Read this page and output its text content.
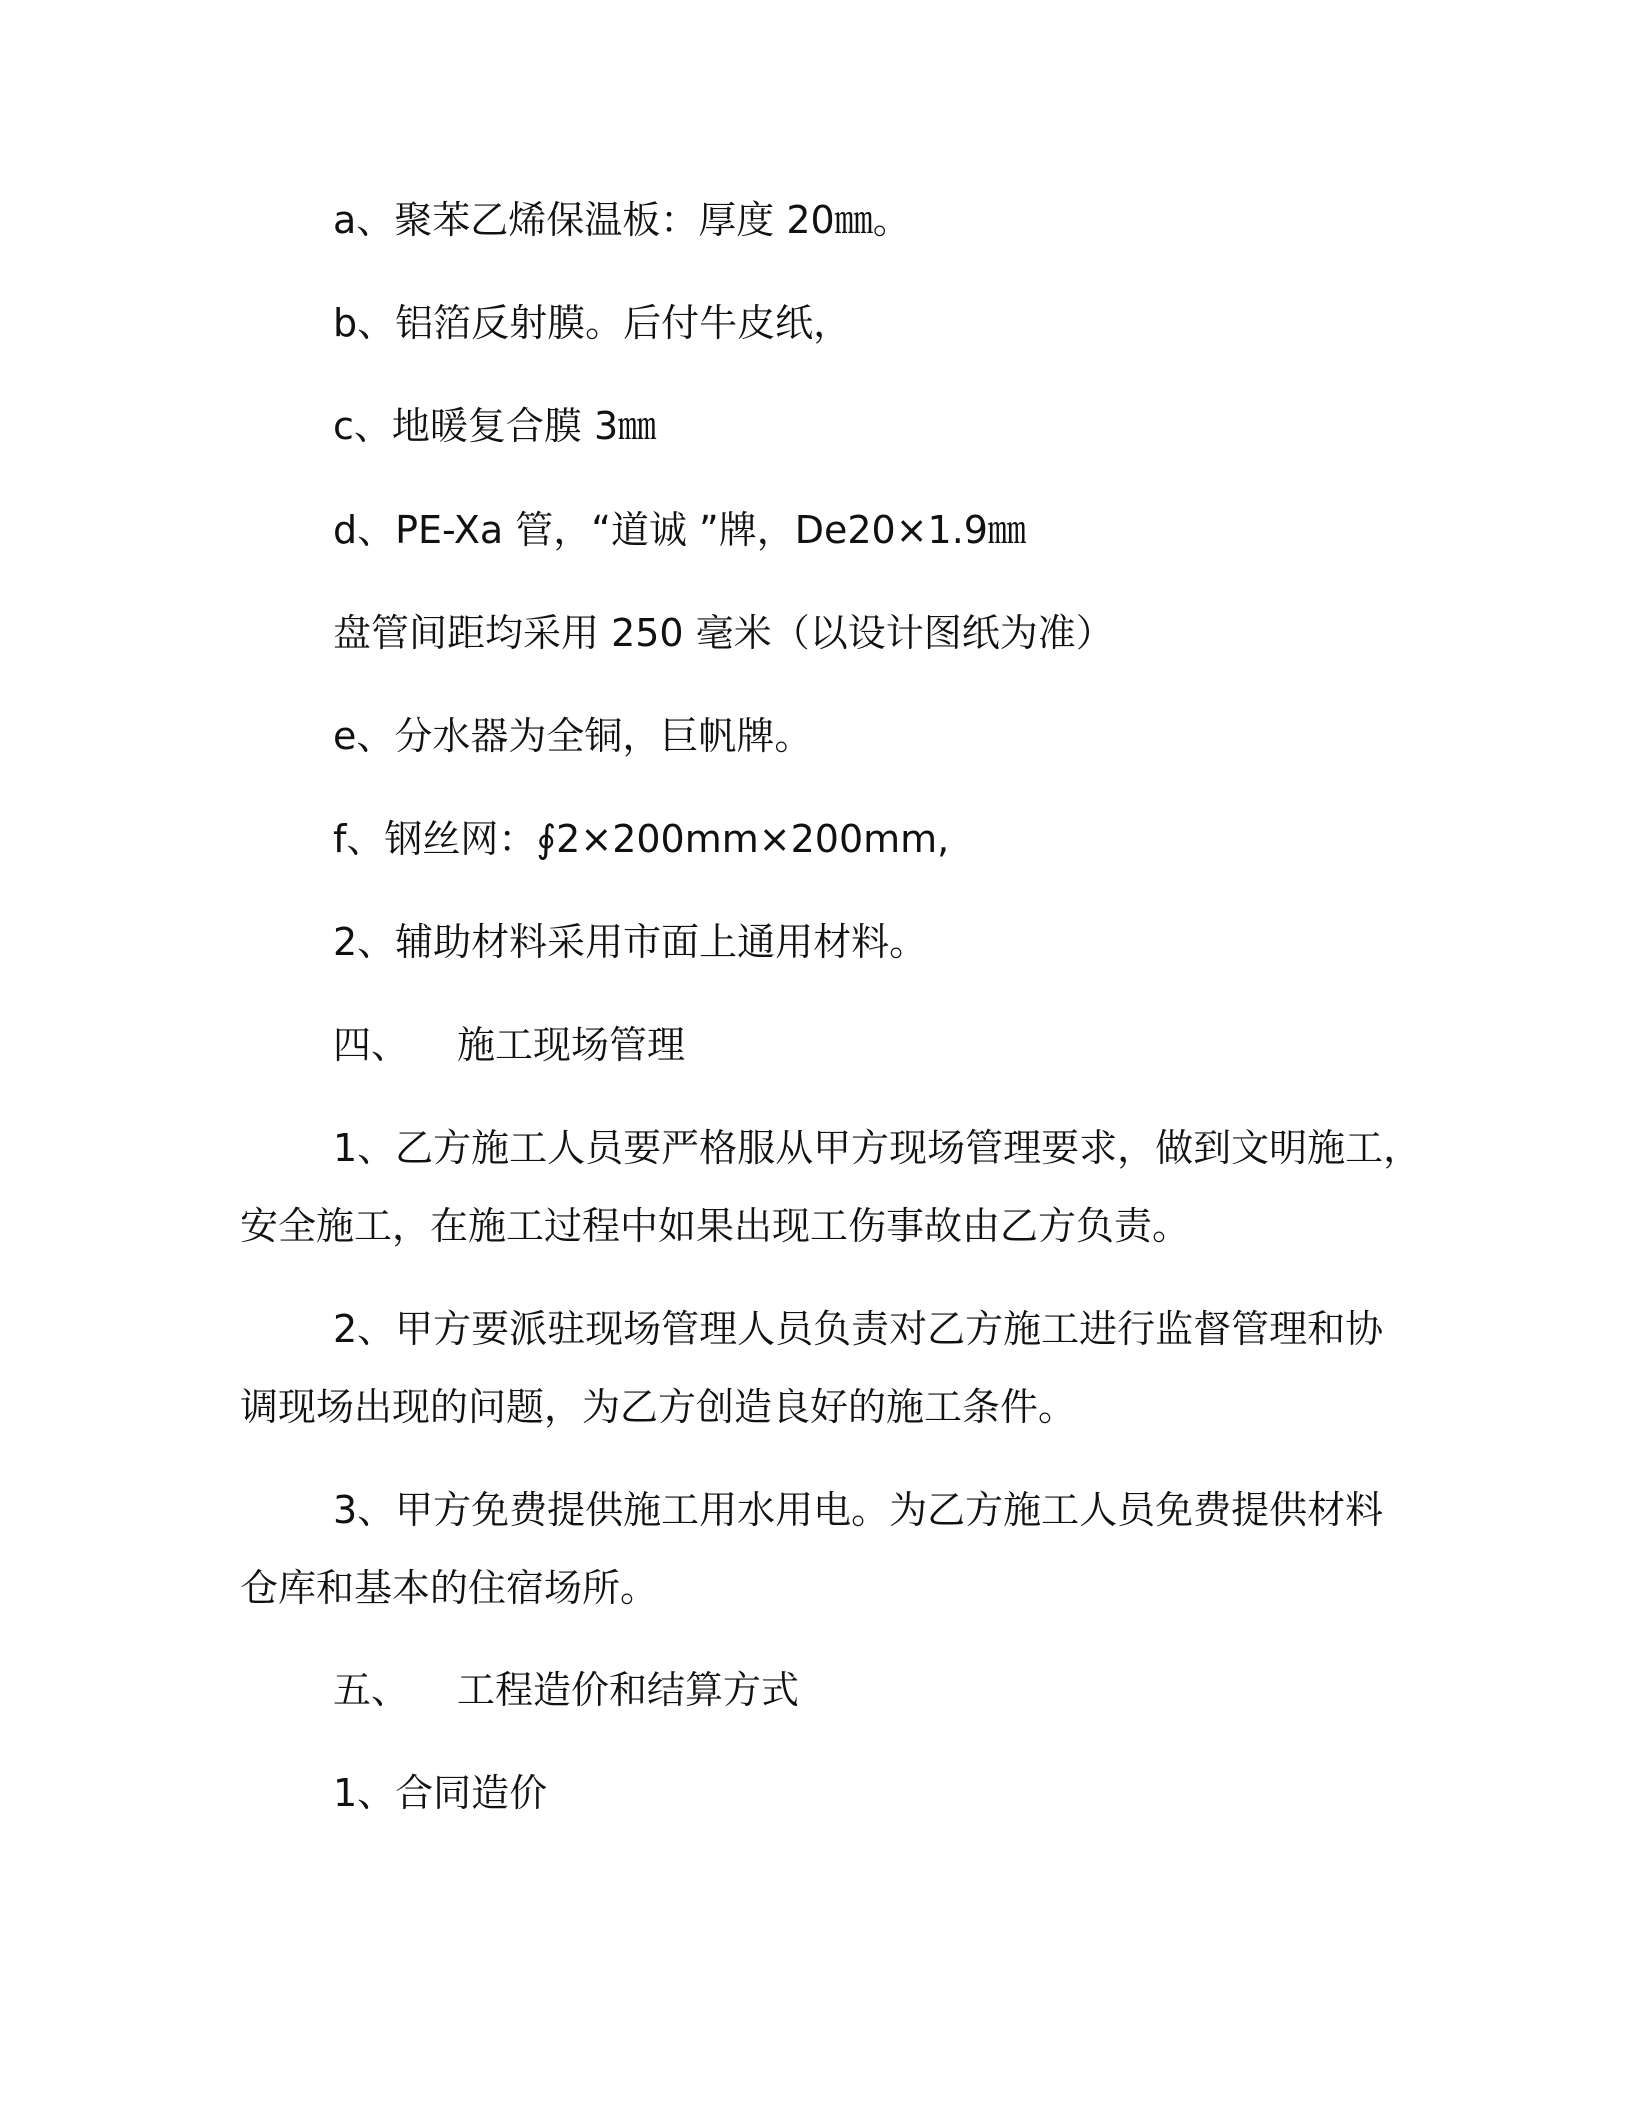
a、聚苯乙烯保温板：厚度 20㎜。

b、铝箔反射膜。后付牛皮纸，

c、地暖复合膜 3㎜

d、PE-Xa 管，“道诚 ”牌，De20×1.9㎜

盘管间距均采用 250 毫米（以设计图纸为准）

e、分水器为全铜，巨帆牌。

f、钢丝网：∮2×200mm×200mm,

2、辅助材料采用市面上通用材料。

四、 施工现场管理

1、乙方施工人员要严格服从甲方现场管理要求，做到文明施工，

安全施工，在施工过程中如果出现工伤事故由乙方负责。

2、甲方要派驻现场管理人员负责对乙方施工进行监督管理和协

调现场出现的问题，为乙方创造良好的施工条件。

3、甲方免费提供施工用水用电。为乙方施工人员免费提供材料

仓库和基本的住宿场所。

五、 工程造价和结算方式

1、合同造价
